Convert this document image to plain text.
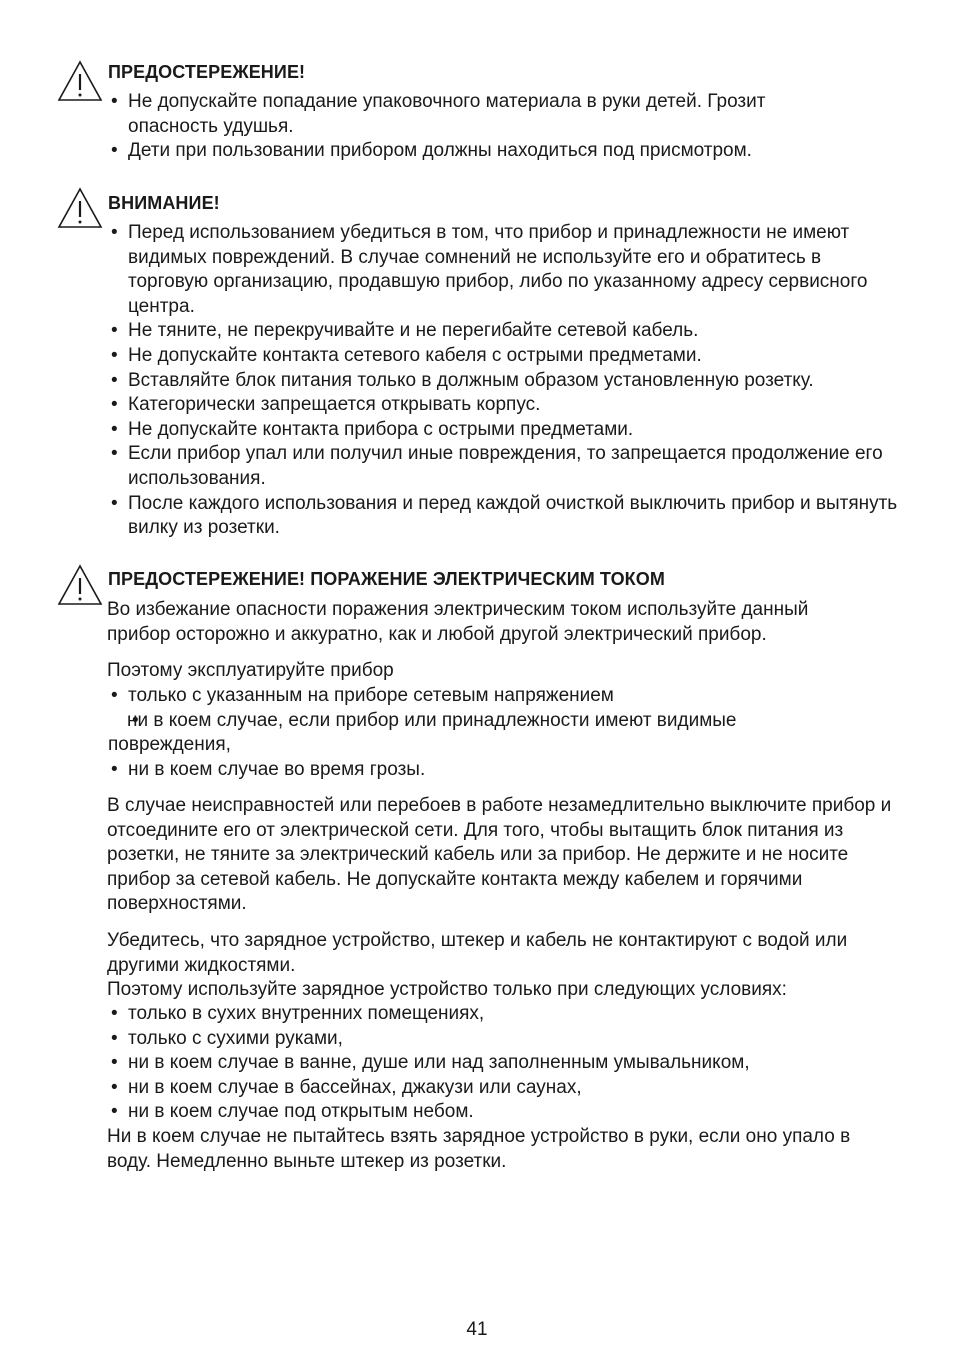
ПРЕДОСТЕРЕЖЕНИЕ!
• Не допускайте попадание упаковочного материала в руки детей. Грозит опасность удушья.
• Дети при пользовании прибором должны находиться под присмотром.
ВНИМАНИЕ!
• Перед использованием убедиться в том, что прибор и принадлежности не имеют видимых повреждений. В случае сомнений не используйте его и обратитесь в торговую организацию, продавшую прибор, либо по указанному адресу сервисного центра.
• Не тяните, не перекручивайте и не перегибайте сетевой кабель.
• Не допускайте контакта сетевого кабеля с острыми предметами.
• Вставляйте блок питания только в должным образом установленную розетку.
• Категорически запрещается открывать корпус.
• Не допускайте контакта прибора с острыми предметами.
• Если прибор упал или получил иные повреждения, то запрещается продолжение его использования.
• После каждого использования и перед каждой очисткой выключить прибор и вытянуть вилку из розетки.
ПРЕДОСТЕРЕЖЕНИЕ! ПОРАЖЕНИЕ ЭЛЕКТРИЧЕСКИМ ТОКОМ

Во избежание опасности поражения электрическим током используйте данный прибор осторожно и аккуратно, как и любой другой электрический прибор.

Поэтому эксплуатируйте прибор

• только с указанным на приборе сетевым напряжением
• ни в коем случае, если прибор или принадлежности имеют видимые повреждения,
• ни в коем случае во время грозы.

В случае неисправностей или перебоев в работе незамедлительно выключите прибор и отсоедините его от электрической сети. Для того, чтобы вытащить блок питания из розетки, не тяните за электрический кабель или за прибор. Не держите и не носите прибор за сетевой кабель. Не допускайте контакта между кабелем и горячими поверхностями.

Убедитесь, что зарядное устройство, штекер и кабель не контактируют с водой или другими жидкостями.

Поэтому используйте зарядное устройство только при следующих условиях:

• только в сухих внутренних помещениях,
• только с сухими руками,
• ни в коем случае в ванне, душе или над заполненным умывальником,
• ни в коем случае в бассейнах, джакузи или саунах,
• ни в коем случае под открытым небом.

Ни в коем случае не пытайтесь взять зарядное устройство в руки, если оно упало в воду. Немедленно выньте штекер из розетки.

41
